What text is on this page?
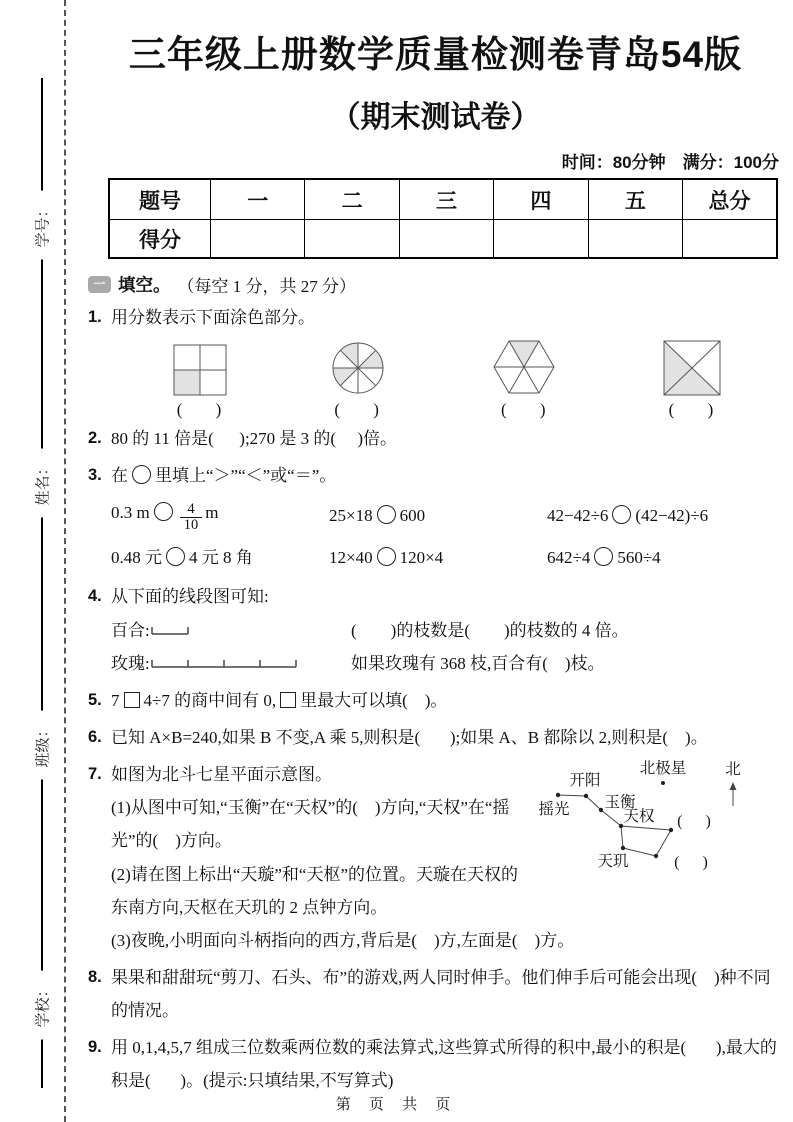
学号：
姓名：
班级：
学校：
三年级上册数学质量检测卷青岛54版
（期末测试卷）
时间：80分钟　满分：100分
题号	一	二	三	四	五	总分
得分						
一 填空。 （每空 1 分，共 27 分）
1. 用分数表示下面涂色部分。
(     )	(     )	(     )	(     )
2. 80 的 11 倍是(      );270 是 3 的(     )倍。
3. 在 里填上“＞”“＜”或“＝”。
0.3 m $\frac{4}{10}$ m	25×18 600	42−42÷6 (42−42)÷6
0.48 元 4 元 8 角	12×40 120×4	642÷4 560÷4
4. 从下面的线段图可知:
百合:	(        )的枝数是(        )的枝数的 4 倍。
玫瑰:	如果玫瑰有 368 枝,百合有(    )枝。
5. 7 4÷7 的商中间有 0, 里最大可以填(    )。
6. 已知 A×B=240,如果 B 不变,A 乘 5,则积是(       );如果 A、B 都除以 2,则积是(    )。
7.	北极星	北
开阳
摇光 玉衡
天权
天玑
(      )
(      )
如图为北斗七星平面示意图。
(1)从图中可知,“玉衡”在“天权”的(    )方向,“天权”在“摇光”的(    )方向。
(2)请在图上标出“天璇”和“天枢”的位置。天璇在天权的东南方向,天枢在天玑的 2 点钟方向。
(3)夜晚,小明面向斗柄指向的西方,背后是(    )方,左面是(    )方。
8. 果果和甜甜玩“剪刀、石头、布”的游戏,两人同时伸手。他们伸手后可能会出现(    )种不同的情况。
9. 用 0,1,4,5,7 组成三位数乘两位数的乘法算式,这些算式所得的积中,最小的积是(       ),最大的积是(       )。(提示:只填结果,不写算式)
第 页 共 页
